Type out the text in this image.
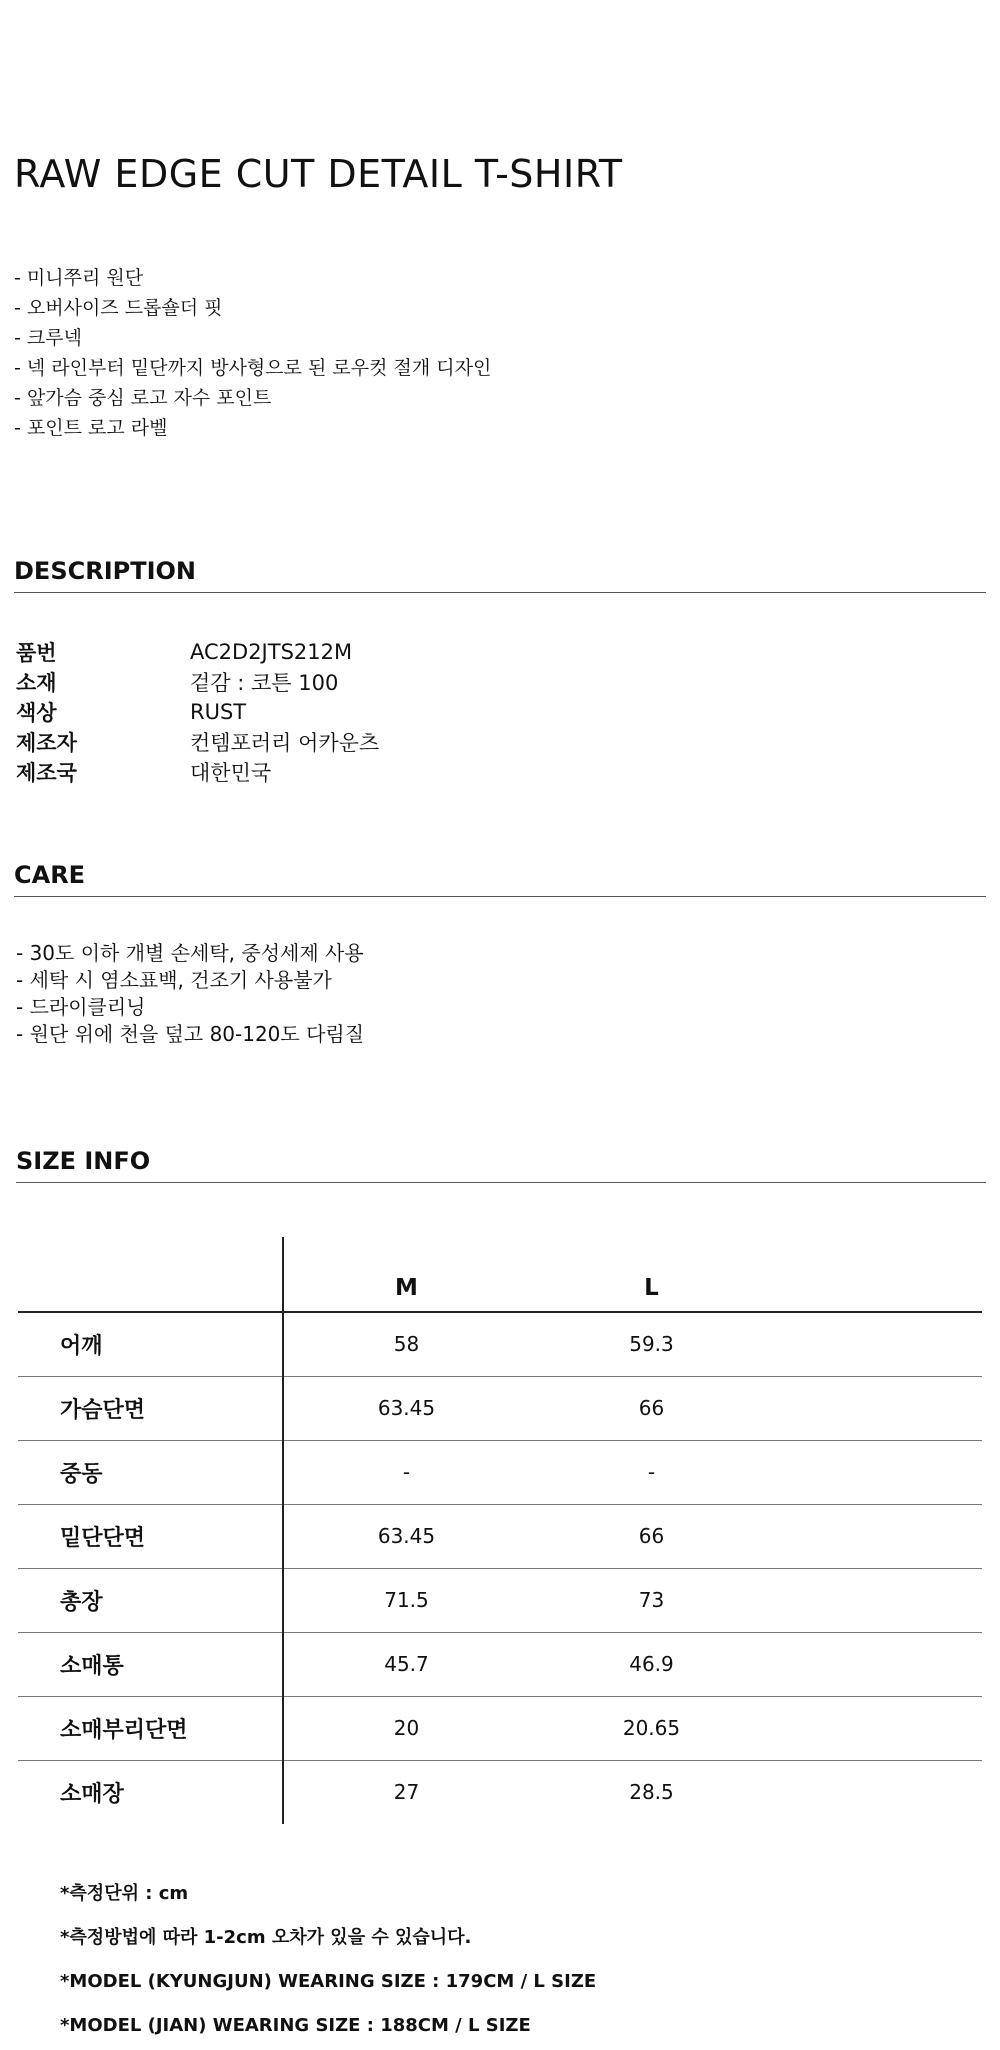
RAW EDGE CUT DETAIL T-SHIRT
- 미니쭈리 원단
- 오버사이즈 드롭숄더 핏
- 크루넥
- 넥 라인부터 밑단까지 방사형으로 된 로우컷 절개 디자인
- 앞가슴 중심 로고 자수 포인트
- 포인트 로고 라벨
DESCRIPTION
품번	AC2D2JTS212M
소재	겉감 : 코튼 100
색상	RUST
제조자	컨템포러리 어카운츠
제조국	대한민국
CARE
- 30도 이하 개별 손세탁, 중성세제 사용
- 세탁 시 염소표백, 건조기 사용불가
- 드라이클리닝
- 원단 위에 천을 덮고 80-120도 다림질
SIZE INFO
	M	L	
어깨	58	59.3	
가슴단면	63.45	66	
중동	-	-	
밑단단면	63.45	66	
총장	71.5	73	
소매통	45.7	46.9	
소매부리단면	20	20.65	
소매장	27	28.5	
*측정단위 : cm
*측정방법에 따라 1-2cm 오차가 있을 수 있습니다.
*MODEL (KYUNGJUN) WEARING SIZE : 179CM / L SIZE
*MODEL (JIAN) WEARING SIZE : 188CM / L SIZE
